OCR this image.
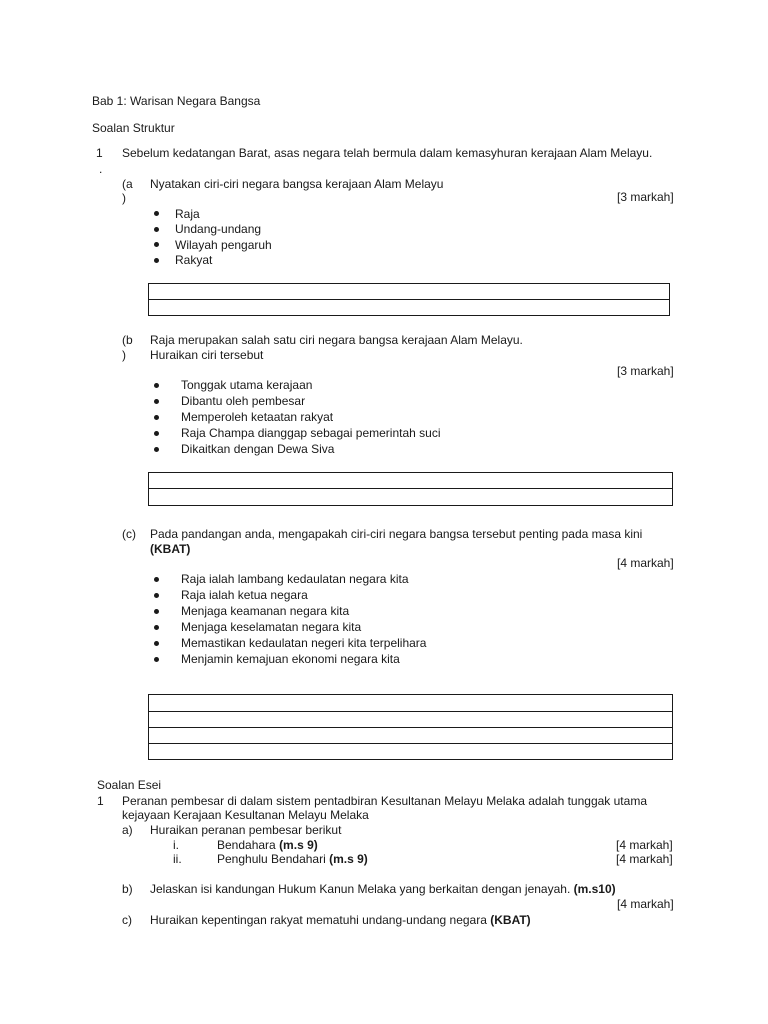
Bab 1: Warisan Negara Bangsa
Soalan Struktur
1 Sebelum kedatangan Barat, asas negara telah bermula dalam kemasyhuran kerajaan Alam Melayu.
.
(a
)
Nyatakan ciri-ciri negara bangsa kerajaan Alam Melayu
[3 markah]
Raja
Undang-undang
Wilayah pengaruh
Rakyat
(b
)
Raja merupakan salah satu ciri negara bangsa kerajaan Alam Melayu.
Huraikan ciri tersebut
[3 markah]
Tonggak utama kerajaan
Dibantu oleh pembesar
Memperoleh ketaatan rakyat
Raja Champa dianggap sebagai pemerintah suci
Dikaitkan dengan Dewa Siva
(c) Pada pandangan anda, mengapakah ciri-ciri negara bangsa tersebut penting pada masa kini
(KBAT)
[4 markah]
Raja ialah lambang kedaulatan negara kita
Raja ialah ketua negara
Menjaga keamanan negara kita
Menjaga keselamatan negara kita
Memastikan kedaulatan negeri kita terpelihara
Menjamin kemajuan ekonomi negara kita
Soalan Esei
1 Peranan pembesar di dalam sistem pentadbiran Kesultanan Melayu Melaka adalah tunggak utama
kejayaan Kerajaan Kesultanan Melayu Melaka
a) Huraikan peranan pembesar berikut
i.	Bendahara (m.s 9)	[4 markah]
ii.	Penghulu Bendahari (m.s 9)	[4 markah]
b) Jelaskan isi kandungan Hukum Kanun Melaka yang berkaitan dengan jenayah. (m.s10)
[4 markah]
c) Huraikan kepentingan rakyat mematuhi undang-undang negara (KBAT)
